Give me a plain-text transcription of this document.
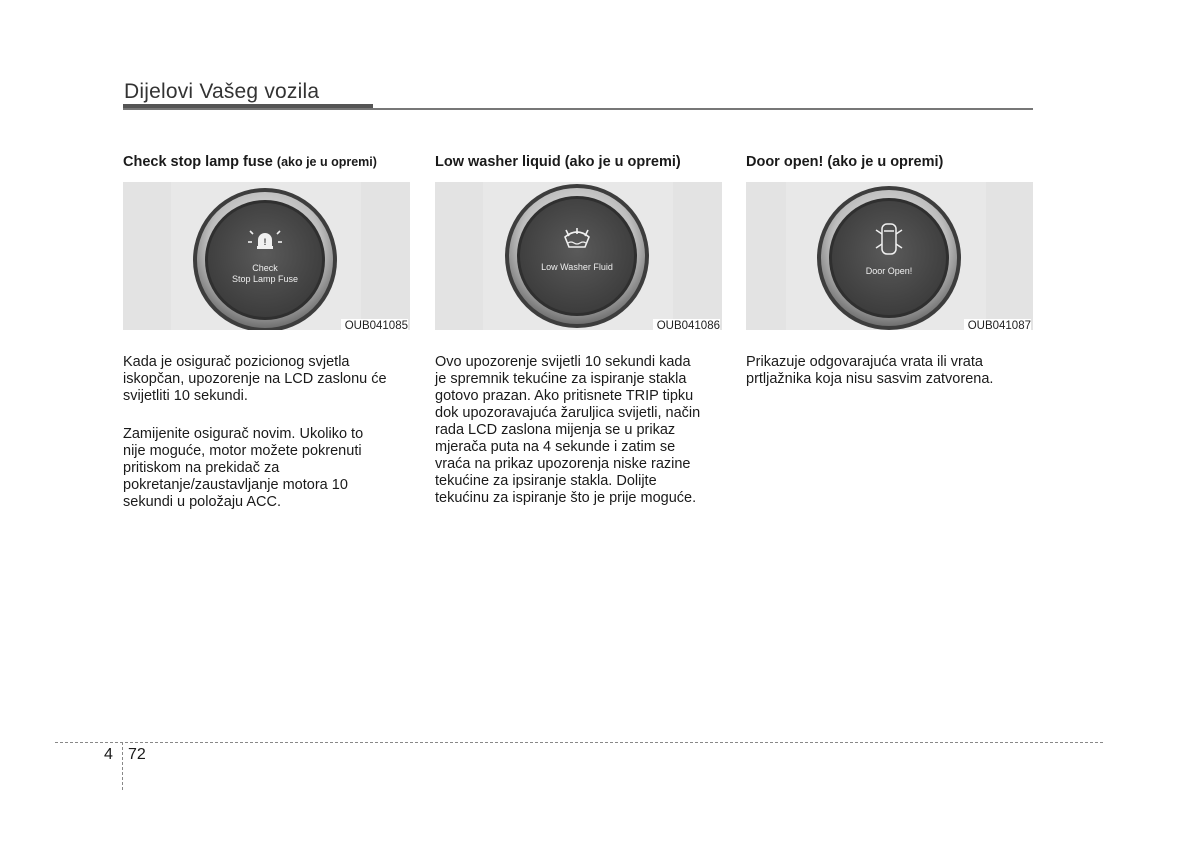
Dijelovi Vašeg vozila
Check stop lamp fuse (ako je u opremi)
!
Check
Stop Lamp Fuse
OUB041085

Kada je osigurač pozicionog svjetla
iskopčan, upozorenje na LCD zaslonu će
svijetliti 10 sekundi.

Zamijenite osigurač novim. Ukoliko to
nije moguće, motor možete pokrenuti
pritiskom na prekidač za
pokretanje/zaustavljanje motora 10
sekundi u položaju ACC.

Low washer liquid (ako je u opremi)
Low Washer Fluid
OUB041086

Ovo upozorenje svijetli 10 sekundi kada
je spremnik tekućine za ispiranje stakla
gotovo prazan. Ako pritisnete TRIP tipku
dok upozoravajuća žaruljica svijetli, način
rada LCD zaslona mijenja se u prikaz
mjerača puta na 4 sekunde i zatim se
vraća na prikaz upozorenja niske razine
tekućine za ipsiranje stakla. Dolijte
tekućinu za ispiranje što je prije moguće.

Door open! (ako je u opremi)
Door Open!
OUB041087

Prikazuje odgovarajuća vrata ili vrata
prtljažnika koja nisu sasvim zatvorena.

4 72
